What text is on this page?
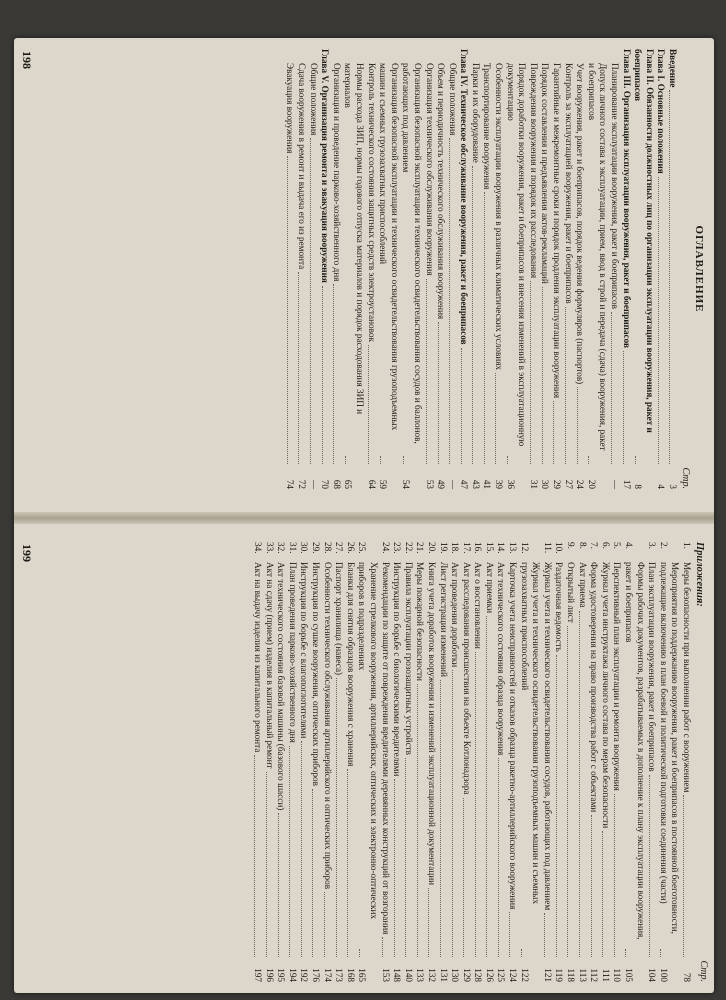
ОГЛАВЛЕНИЕ
Стр.
Введение
3
Глава I. Основные положения
4
Глава II. Обязанности должностных лиц по организации эксплуатации вооружения, ракет и боеприпасов
8
Глава III. Организация эксплуатации вооружения, ракет и боеприпасов
17
Планирование эксплуатации вооружения, ракет и боеприпасов
—
Допуск личного состава к эксплуатации, прием, ввод в строй и передача (сдача) вооружения, ракет и боеприпасов
20
Учет вооружения, ракет и боеприпасов, порядок ведения формуляров (паспортов)
24
Контроль за эксплуатацией вооружения, ракет и боеприпасов
27
Гарантийные и межремонтные сроки и порядок продления эксплуатации вооружения
29
Порядок составления и предъявления актов-рекламаций
30
Повреждения вооружения и порядок их расследования
31
Порядок доработки вооружения, ракет и боеприпасов и внесения изменений в эксплуатационную документацию
36
Особенности эксплуатации вооружения в различных климатических условиях
39
Транспортирование вооружения
41
Парки и их оборудование
43
Глава IV. Техническое обслуживание вооружения, ракет и боеприпасов
47
Общие положения
—
Объем и периодичность технического обслуживания вооружения
49
Организация технического обслуживания вооружения
53
Организация безопасной эксплуатации и технического освидетельствования сосудов и баллонов, работающих под давлением
54
Организация безопасной эксплуатации и технического освидетельствования грузоподъемных машин и съемных грузозахватных приспособлений
59
Контроль технического состояния защитных средств электроустановок
64
Нормы расхода ЗИП, нормы годового отпуска материалов и порядок расходования ЗИП и материалов
65
Организация и проведение парково-хозяйственного дня
68
Глава V. Организация ремонта и эвакуация вооружения
70
Общие положения
—
Сдача вооружения в ремонт и выдача его из ремонта
72
Эвакуация вооружения
74
198
Приложения:
Стр.
1.
Меры безопасности при выполнении работ с вооружением
78
2.
Мероприятия по поддержанию вооружения, ракет и боеприпасов в постоянной боеготовности, подлежащие включению в план боевой и политической подготовки соединения (части)
100
3.
План эксплуатации вооружения, ракет и боеприпасов
104
4.
Формы рабочих документов, разрабатываемых в дополнение к плану эксплуатации вооружения, ракет и боеприпасов
105
5.
Перспективный план эксплуатации и ремонта вооружения
110
6.
Журнал учета инструктажа личного состава по мерам безопасности
111
7.
Форма удостоверения на право производства работ с объектами
112
8.
Акт приема
113
9.
Открытый лист
118
10.
Раздаточная ведомость
119
11.
Журнал учета и технического освидетельствования сосудов, работающих под давлением
121
12.
Журнал учета и технического освидетельствования грузоподъемных машин и съемных грузозахватных приспособлений
122
13.
Карточка учета неисправностей и отказов образца ракетно-артиллерийского вооружения
124
14.
Акт технического состояния образца вооружения
125
15.
Акт приемки
126
16.
Акт о восстановлении
128
17.
Акт расследования происшествия на объекте Котлонадзора
129
18.
Акт проведения доработки
130
19.
Лист регистрации изменений
131
20.
Книга учета доработок вооружения и изменений эксплуатационной документации
132
21.
Меры пожарной безопасности
133
22.
Правила эксплуатации грозозащитных устройств
140
23.
Инструкция по борьбе с биологическими вредителями
148
24.
Рекомендации по защите от повреждения вредителями деревянных конструкций от возгорания
153
25.
Хранение стрелкового вооружения, артиллерийских, оптических и электронно-оптических приборов в подразделениях
165
26.
Бланки для снятия образцов вооружения с хранения
168
27.
Паспорт хранилища (навеса)
173
28.
Особенности технического обслуживания артиллерийского и оптических приборов
174
29.
Инструкция по сушке вооружения, оптических приборов
176
30.
Инструкция по борьбе с влагопоглотителями
192
31.
План проведения парково-хозяйственного дня
194
32.
Акт технического состояния базовой машины (базового шасси)
195
33.
Акт на сдачу (прием) изделия в капитальный ремонт
196
34.
Акт на выдачу изделия из капитального ремонта
197
199
